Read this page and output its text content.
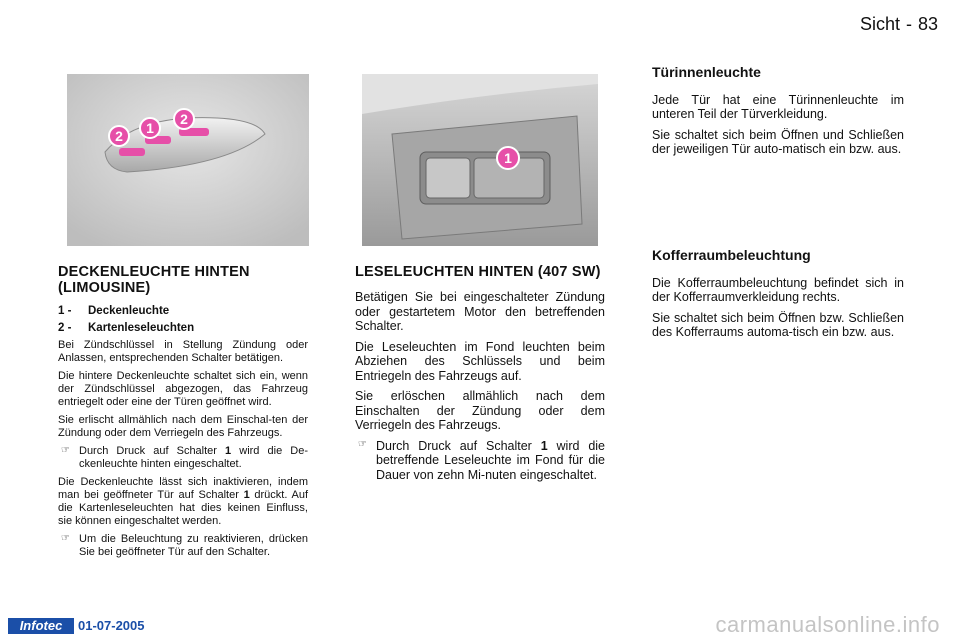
Sicht - 83
2 1
2
1
DECKENLEUCHTE HINTEN (LIMOUSINE)
1 -	Deckenleuchte
2 -	Kartenleseleuchten

Bei Zündschlüssel in Stellung Zündung oder Anlassen, entsprechenden Schalter betätigen.

Die hintere Deckenleuchte schaltet sich ein, wenn der Zündschlüssel abgezogen, das Fahrzeug entriegelt oder eine der Türen geöffnet wird.

Sie erlischt allmählich nach dem Einschal-ten der Zündung oder dem Verriegeln des Fahrzeugs.

☞ Durch Druck auf Schalter 1 wird die De-ckenleuchte hinten eingeschaltet.

Die Deckenleuchte lässt sich inaktivieren, indem man bei geöffneter Tür auf Schalter 1 drückt. Auf die Kartenleseleuchten hat dies keinen Einfluss, sie können eingeschaltet werden.

☞ Um die Beleuchtung zu reaktivieren, drücken Sie bei geöffneter Tür auf den Schalter.
LESELEUCHTEN HINTEN (407 SW)

Betätigen Sie bei eingeschalteter Zündung oder gestartetem Motor den betreffenden Schalter.

Die Leseleuchten im Fond leuchten beim Abziehen des Schlüssels und beim Entriegeln des Fahrzeugs auf.

Sie erlöschen allmählich nach dem Einschalten der Zündung oder dem Verriegeln des Fahrzeugs.

☞ Durch Druck auf Schalter 1 wird die betreffende Leseleuchte im Fond für die Dauer von zehn Mi-nuten eingeschaltet.
Türinnenleuchte

Jede Tür hat eine Türinnenleuchte im unteren Teil der Türverkleidung.

Sie schaltet sich beim Öffnen und Schließen der jeweiligen Tür auto-matisch ein bzw. aus.

Kofferraumbeleuchtung

Die Kofferraumbeleuchtung befindet sich in der Kofferraumverkleidung rechts.

Sie schaltet sich beim Öffnen bzw. Schließen des Kofferraums automa-tisch ein bzw. aus.

Infotec	01-07-2005	carmanualsonline.info
